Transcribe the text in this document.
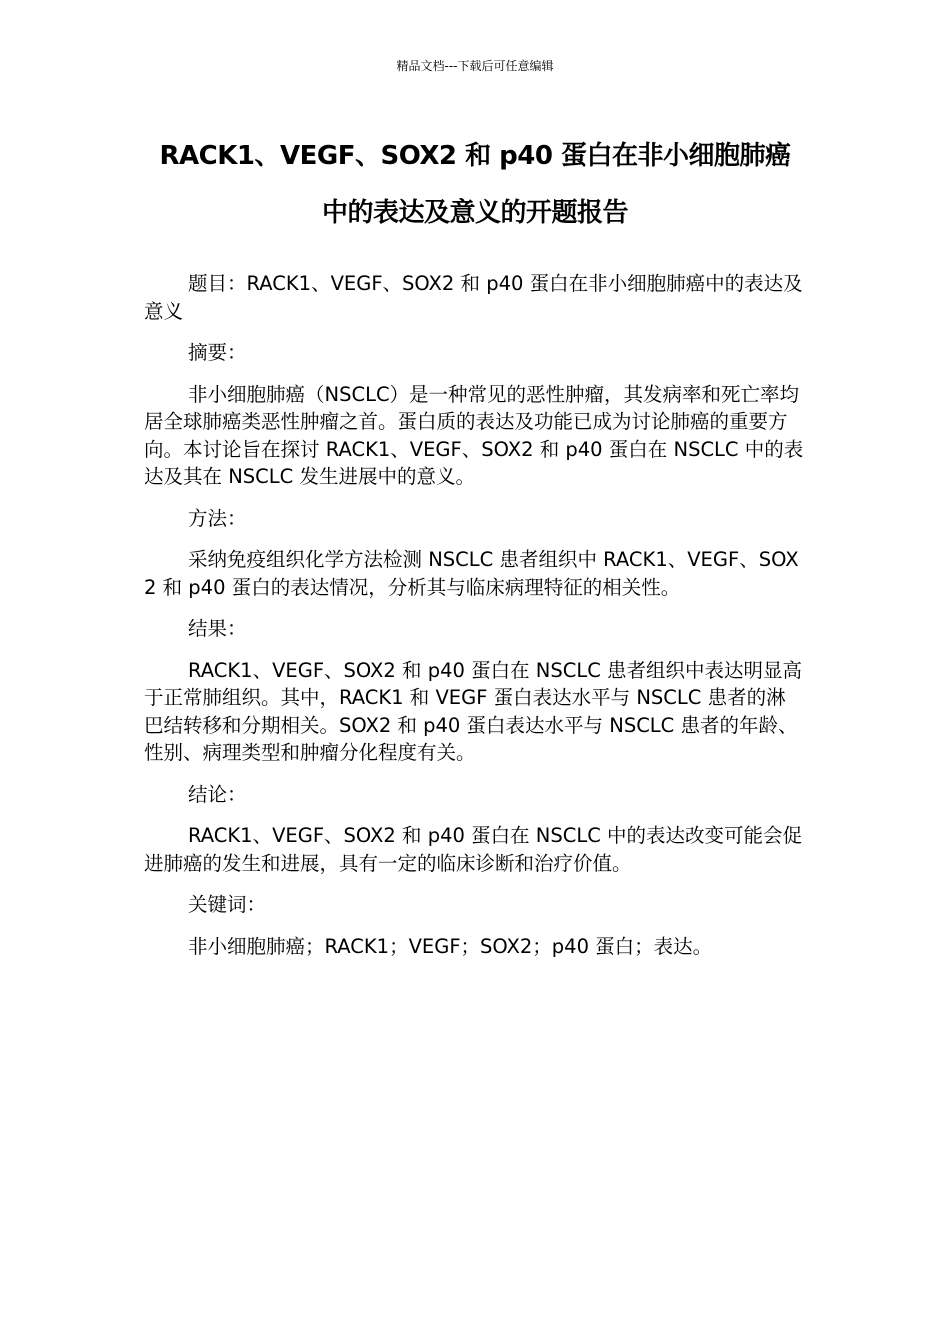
精品文档---下载后可任意编辑
RACK1、VEGF、SOX2 和 p40 蛋白在非小细胞肺癌
中的表达及意义的开题报告

题目：RACK1、VEGF、SOX2 和 p40 蛋白在非小细胞肺癌中的表达及意义

摘要：

非小细胞肺癌（NSCLC）是一种常见的恶性肿瘤，其发病率和死亡率均居全球肺癌类恶性肿瘤之首。蛋白质的表达及功能已成为讨论肺癌的重要方向。本讨论旨在探讨 RACK1、VEGF、SOX2 和 p40 蛋白在 NSCLC 中的表达及其在 NSCLC 发生进展中的意义。

方法：

采纳免疫组织化学方法检测 NSCLC 患者组织中 RACK1、VEGF、SOX2 和 p40 蛋白的表达情况，分析其与临床病理特征的相关性。

结果：

RACK1、VEGF、SOX2 和 p40 蛋白在 NSCLC 患者组织中表达明显高于正常肺组织。其中，RACK1 和 VEGF 蛋白表达水平与 NSCLC 患者的淋巴结转移和分期相关。SOX2 和 p40 蛋白表达水平与 NSCLC 患者的年龄、性别、病理类型和肿瘤分化程度有关。

结论：

RACK1、VEGF、SOX2 和 p40 蛋白在 NSCLC 中的表达改变可能会促进肺癌的发生和进展，具有一定的临床诊断和治疗价值。

关键词：

非小细胞肺癌；RACK1；VEGF；SOX2；p40 蛋白；表达。
